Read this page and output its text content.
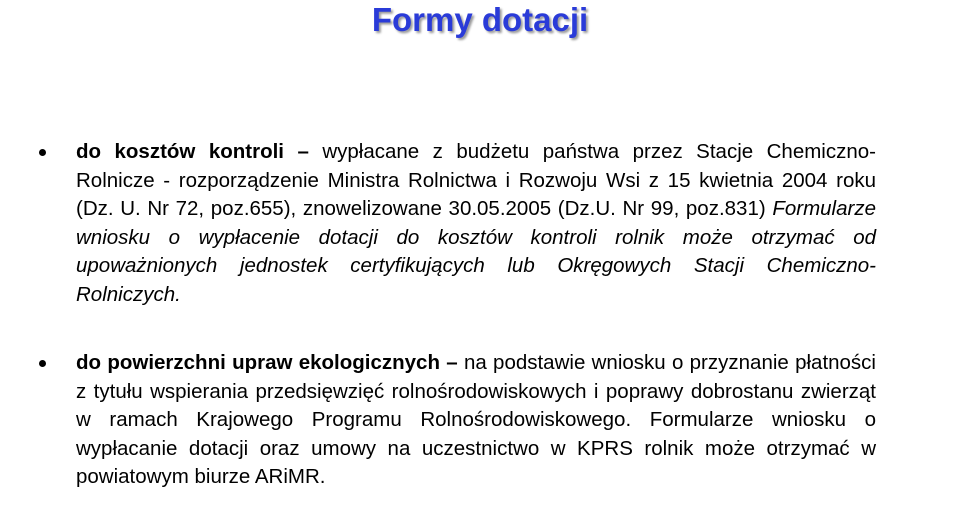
Formy dotacji
do kosztów kontroli – wypłacane z budżetu państwa przez Stacje Chemiczno-Rolnicze - rozporządzenie Ministra Rolnictwa i Rozwoju Wsi z 15 kwietnia 2004 roku (Dz. U. Nr 72, poz.655), znowelizowane 30.05.2005 (Dz.U. Nr 99, poz.831) Formularze wniosku o wypłacenie dotacji do kosztów kontroli rolnik może otrzymać od upoważnionych jednostek certyfikujących lub Okręgowych Stacji Chemiczno-Rolniczych.
do powierzchni upraw ekologicznych – na podstawie wniosku o przyznanie płatności z tytułu wspierania przedsięwzięć rolnośrodowiskowych i poprawy dobrostanu zwierząt w ramach Krajowego Programu Rolnośrodowiskowego. Formularze wniosku o wypłacanie dotacji oraz umowy na uczestnictwo w KPRS rolnik może otrzymać w powiatowym biurze ARiMR.
